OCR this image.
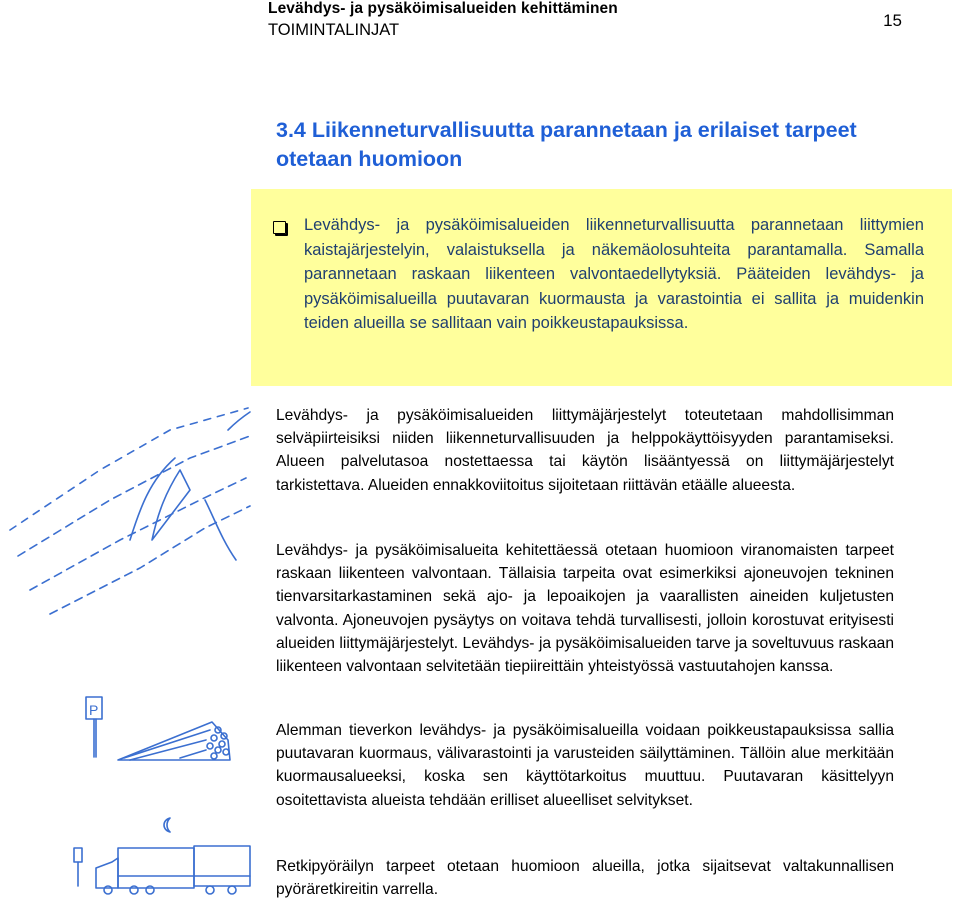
Levähdys- ja pysäköimisalueiden kehittäminen
TOIMINTALINJAT	15
3.4 Liikenneturvallisuutta parannetaan ja erilaiset tarpeet otetaan huomioon

Levähdys- ja pysäköimisalueiden liikenneturvallisuutta parannetaan liittymien kaistajärjestelyin, valaistuksella ja näkemäolosuhteita parantamalla. Samalla parannetaan raskaan liikenteen valvontaedellytyksiä. Pääteiden levähdys- ja pysäköimisalueilla puutavaran kuormausta ja varastointia ei sallita ja muidenkin teiden alueilla se sallitaan vain poikkeustapauksissa.

Levähdys- ja pysäköimisalueiden liittymäjärjestelyt toteutetaan mahdollisimman selväpiirteisiksi niiden liikenneturvallisuuden ja helppokäyttöisyyden parantamiseksi. Alueen palvelutasoa nostettaessa tai käytön lisääntyessä on liittymäjärjestelyt tarkistettava. Alueiden ennakkoviitoitus sijoitetaan riittävän etäälle alueesta.

Levähdys- ja pysäköimisalueita kehitettäessä otetaan huomioon viranomaisten tarpeet raskaan liikenteen valvontaan. Tällaisia tarpeita ovat esimerkiksi ajoneuvojen tekninen tienvarsitarkastaminen sekä ajo- ja lepoaikojen ja vaarallisten aineiden kuljetusten valvonta. Ajoneuvojen pysäytys on voitava tehdä turvallisesti, jolloin korostuvat erityisesti alueiden liittymäjärjestelyt. Levähdys- ja pysäköimisalueiden tarve ja soveltuvuus raskaan liikenteen valvontaan selvitetään tiepiireittäin yhteistyössä vastuutahojen kanssa.

Alemman tieverkon levähdys- ja pysäköimisalueilla voidaan poikkeustapauksissa sallia puutavaran kuormaus, välivarastointi ja varusteiden säilyttäminen. Tällöin alue merkitään kuormausalueeksi, koska sen käyttötarkoitus muuttuu. Puutavaran käsittelyyn osoitettavista alueista tehdään erilliset alueelliset selvitykset.

Retkipyöräilyn tarpeet otetaan huomioon alueilla, jotka sijaitsevat valtakunnallisen pyöräretkireitin varrella.

P
